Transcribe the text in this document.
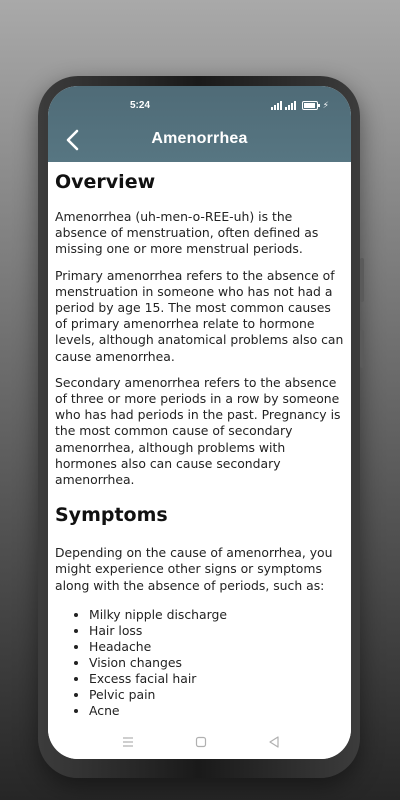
5:24	⚡
Amenorrhea
Overview

Amenorrhea (uh-men-o-REE-uh) is the absence of menstruation, often defined as missing one or more menstrual periods.

Primary amenorrhea refers to the absence of menstruation in someone who has not had a period by age 15. The most common causes of primary amenorrhea relate to hormone levels, although anatomical problems also can cause amenorrhea.

Secondary amenorrhea refers to the absence of three or more periods in a row by someone who has had periods in the past. Pregnancy is the most common cause of secondary amenorrhea, although problems with hormones also can cause secondary amenorrhea.

Symptoms

Depending on the cause of amenorrhea, you might experience other signs or symptoms along with the absence of periods, such as:

• Milky nipple discharge
• Hair loss
• Headache
• Vision changes
• Excess facial hair
• Pelvic pain
• Acne
